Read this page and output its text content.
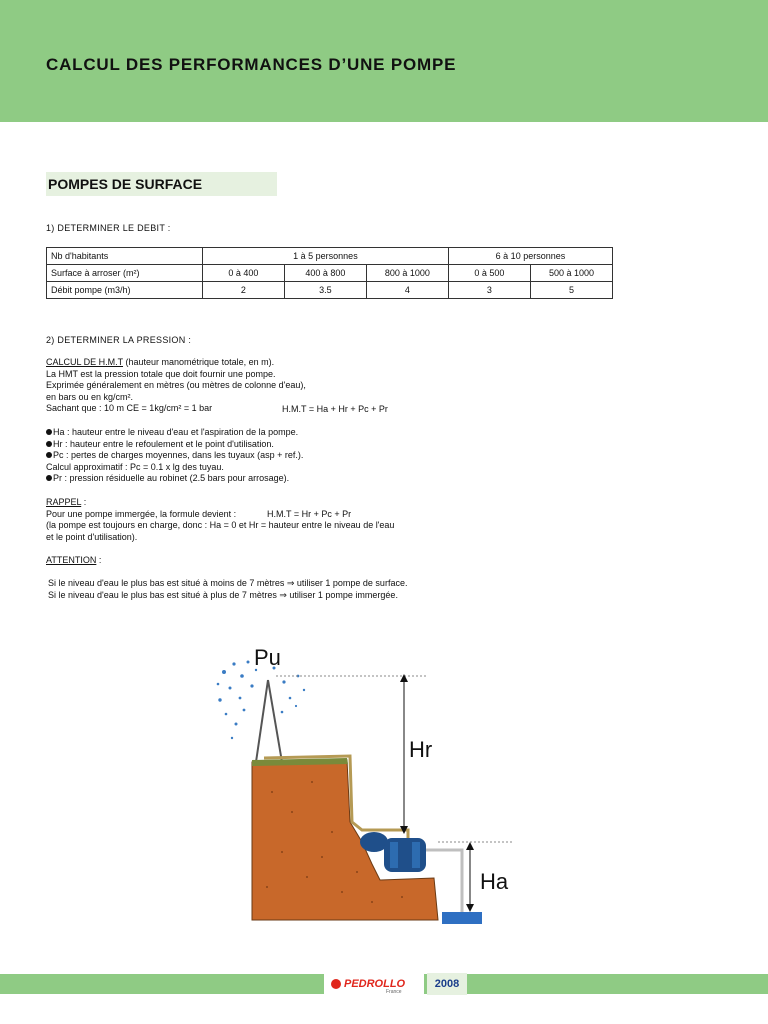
CALCUL DES PERFORMANCES D’UNE POMPE
POMPES DE SURFACE
1) DETERMINER LE DEBIT :
Nb d'habitants	1 à 5 personnes			6 à 10 personnes	
Surface à arroser (m²)	0 à 400	400 à 800	800 à 1000	0 à 500	500 à 1000
Débit pompe (m3/h)	2	3.5	4	3	5
2) DETERMINER LA PRESSION :
CALCUL DE H.M.T (hauteur manométrique totale, en m).
La HMT est la pression totale que doit fournir une pompe.
Exprimée généralement en mètres (ou mètres de colonne d'eau),
en bars ou en kg/cm².
Sachant que : 10 m CE = 1kg/cm² = 1 bar	H.M.T = Ha + Hr + Pc + Pr
Ha : hauteur entre le niveau d'eau et l'aspiration de la pompe.
Hr : hauteur entre le refoulement et le point d'utilisation.
Pc : pertes de charges moyennes, dans les tuyaux (asp + ref.).
Calcul approximatif : Pc = 0.1 x lg des tuyau.
Pr : pression résiduelle au robinet (2.5 bars pour arrosage).
RAPPEL :
Pour une pompe immergée, la formule devient :
(la pompe est toujours en charge, donc : Ha = 0 et Hr = hauteur entre le niveau de l'eau
et le point d'utilisation).
H.M.T = Hr + Pc + Pr
ATTENTION :
Si le niveau d'eau le plus bas est situé à moins de 7 mètres ⇒ utiliser 1 pompe de surface.
Si le niveau d'eau le plus bas est situé à plus de 7 mètres ⇒ utiliser 1 pompe immergée.
Pu
Hr
Ha
PEDROLLO
France
2008
